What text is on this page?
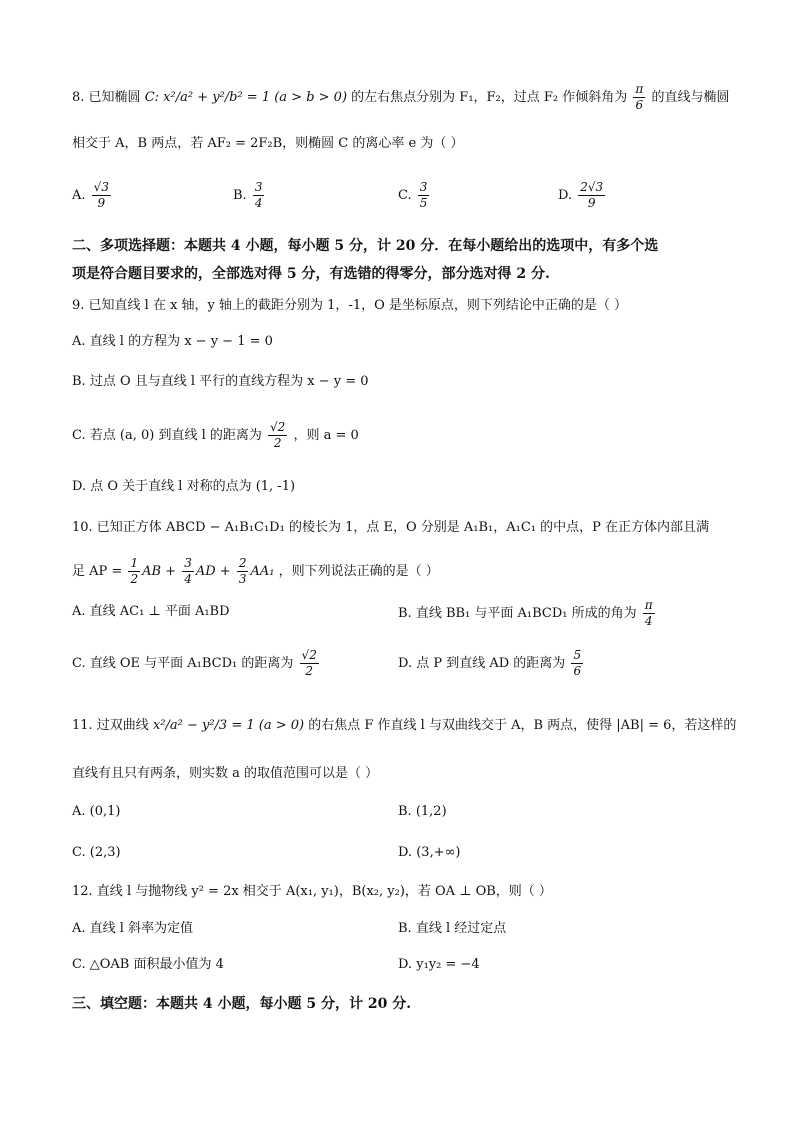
8. 已知椭圆 C: x²/a² + y²/b² = 1 (a > b > 0) 的左右焦点分别为 F₁，F₂，过点 F₂ 作倾斜角为 $\frac{\pi}{6}$ 的直线与椭圆
相交于 A，B 两点，若 AF₂ = 2F₂B，则椭圆 C 的离心率 e 为（ ）
A. $\frac{√3}{9}$	B. $\frac{3}{4}$	C. $\frac{3}{5}$	D. $\frac{2√3}{9}$
二、多项选择题：本题共 4 小题，每小题 5 分，计 20 分．在每小题给出的选项中，有多个选
项是符合题目要求的，全部选对得 5 分，有选错的得零分，部分选对得 2 分.
9. 已知直线 l 在 x 轴，y 轴上的截距分别为 1，-1，O 是坐标原点，则下列结论中正确的是（ ）
A. 直线 l 的方程为 x − y − 1 = 0
B. 过点 O 且与直线 l 平行的直线方程为 x − y = 0
C. 若点 (a, 0) 到直线 l 的距离为 $\frac{√2}{2}$ ，则 a = 0
D. 点 O 关于直线 l 对称的点为 (1, -1)
10. 已知正方体 ABCD − A₁B₁C₁D₁ 的棱长为 1，点 E，O 分别是 A₁B₁，A₁C₁ 的中点，P 在正方体内部且满
足 AP = $\frac{1}{2}$ AB + $\frac{3}{4}$ AD + $\frac{2}{3} AA_1$ ，则下列说法正确的是（ ）
A. 直线 AC₁ ⊥ 平面 A₁BD	B. 直线 BB₁ 与平面 A₁BCD₁ 所成的角为 $\frac{\pi}{4}$
C. 直线 OE 与平面 A₁BCD₁ 的距离为 $\frac{√2}{2}$	D. 点 P 到直线 AD 的距离为 $\frac{5}{6}$
11. 过双曲线 x²/a² − y²/3 = 1 (a > 0) 的右焦点 F 作直线 l 与双曲线交于 A，B 两点，使得 |AB| = 6，若这样的
直线有且只有两条，则实数 a 的取值范围可以是（ ）
A. (0,1)	B. (1,2)
C. (2,3)	D. (3,+∞)
12. 直线 l 与抛物线 y² = 2x 相交于 A(x₁, y₁)，B(x₂, y₂)，若 OA ⊥ OB，则（ ）
A. 直线 l 斜率为定值	B. 直线 l 经过定点
C. △OAB 面积最小值为 4	D. y₁y₂ = −4
三、填空题：本题共 4 小题，每小题 5 分，计 20 分.
